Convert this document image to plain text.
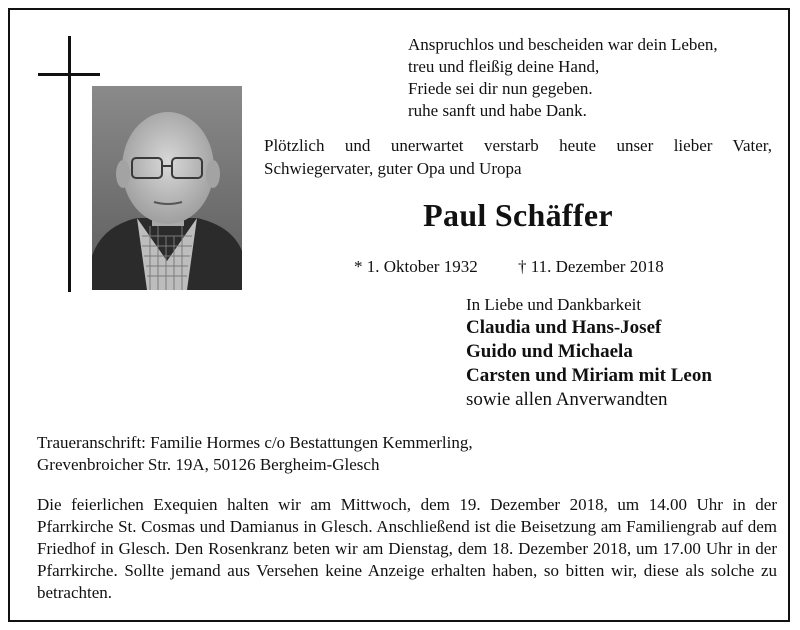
Anspruchlos und bescheiden war dein Leben,
treu und fleißig deine Hand,
Friede sei dir nun gegeben.
ruhe sanft und habe Dank.
Plötzlich und unerwartet verstarb heute unser lieber Vater, Schwiegervater, guter Opa und Uropa
Paul Schäffer
* 1. Oktober 1932 † 11. Dezember 2018
In Liebe und Dankbarkeit
Claudia und Hans-Josef
Guido und Michaela
Carsten und Miriam mit Leon
sowie allen Anverwandten
Traueranschrift: Familie Hormes c/o Bestattungen Kemmerling,
Grevenbroicher Str. 19A, 50126 Bergheim-Glesch
Die feierlichen Exequien halten wir am Mittwoch, dem 19. Dezember 2018, um 14.00 Uhr in der Pfarrkirche St. Cosmas und Damianus in Glesch. Anschließend ist die Beisetzung am Familiengrab auf dem Friedhof in Glesch. Den Rosenkranz beten wir am Dienstag, dem 18. Dezember 2018, um 17.00 Uhr in der Pfarrkirche. Sollte jemand aus Versehen keine Anzeige erhalten haben, so bitten wir, diese als solche zu betrachten.
